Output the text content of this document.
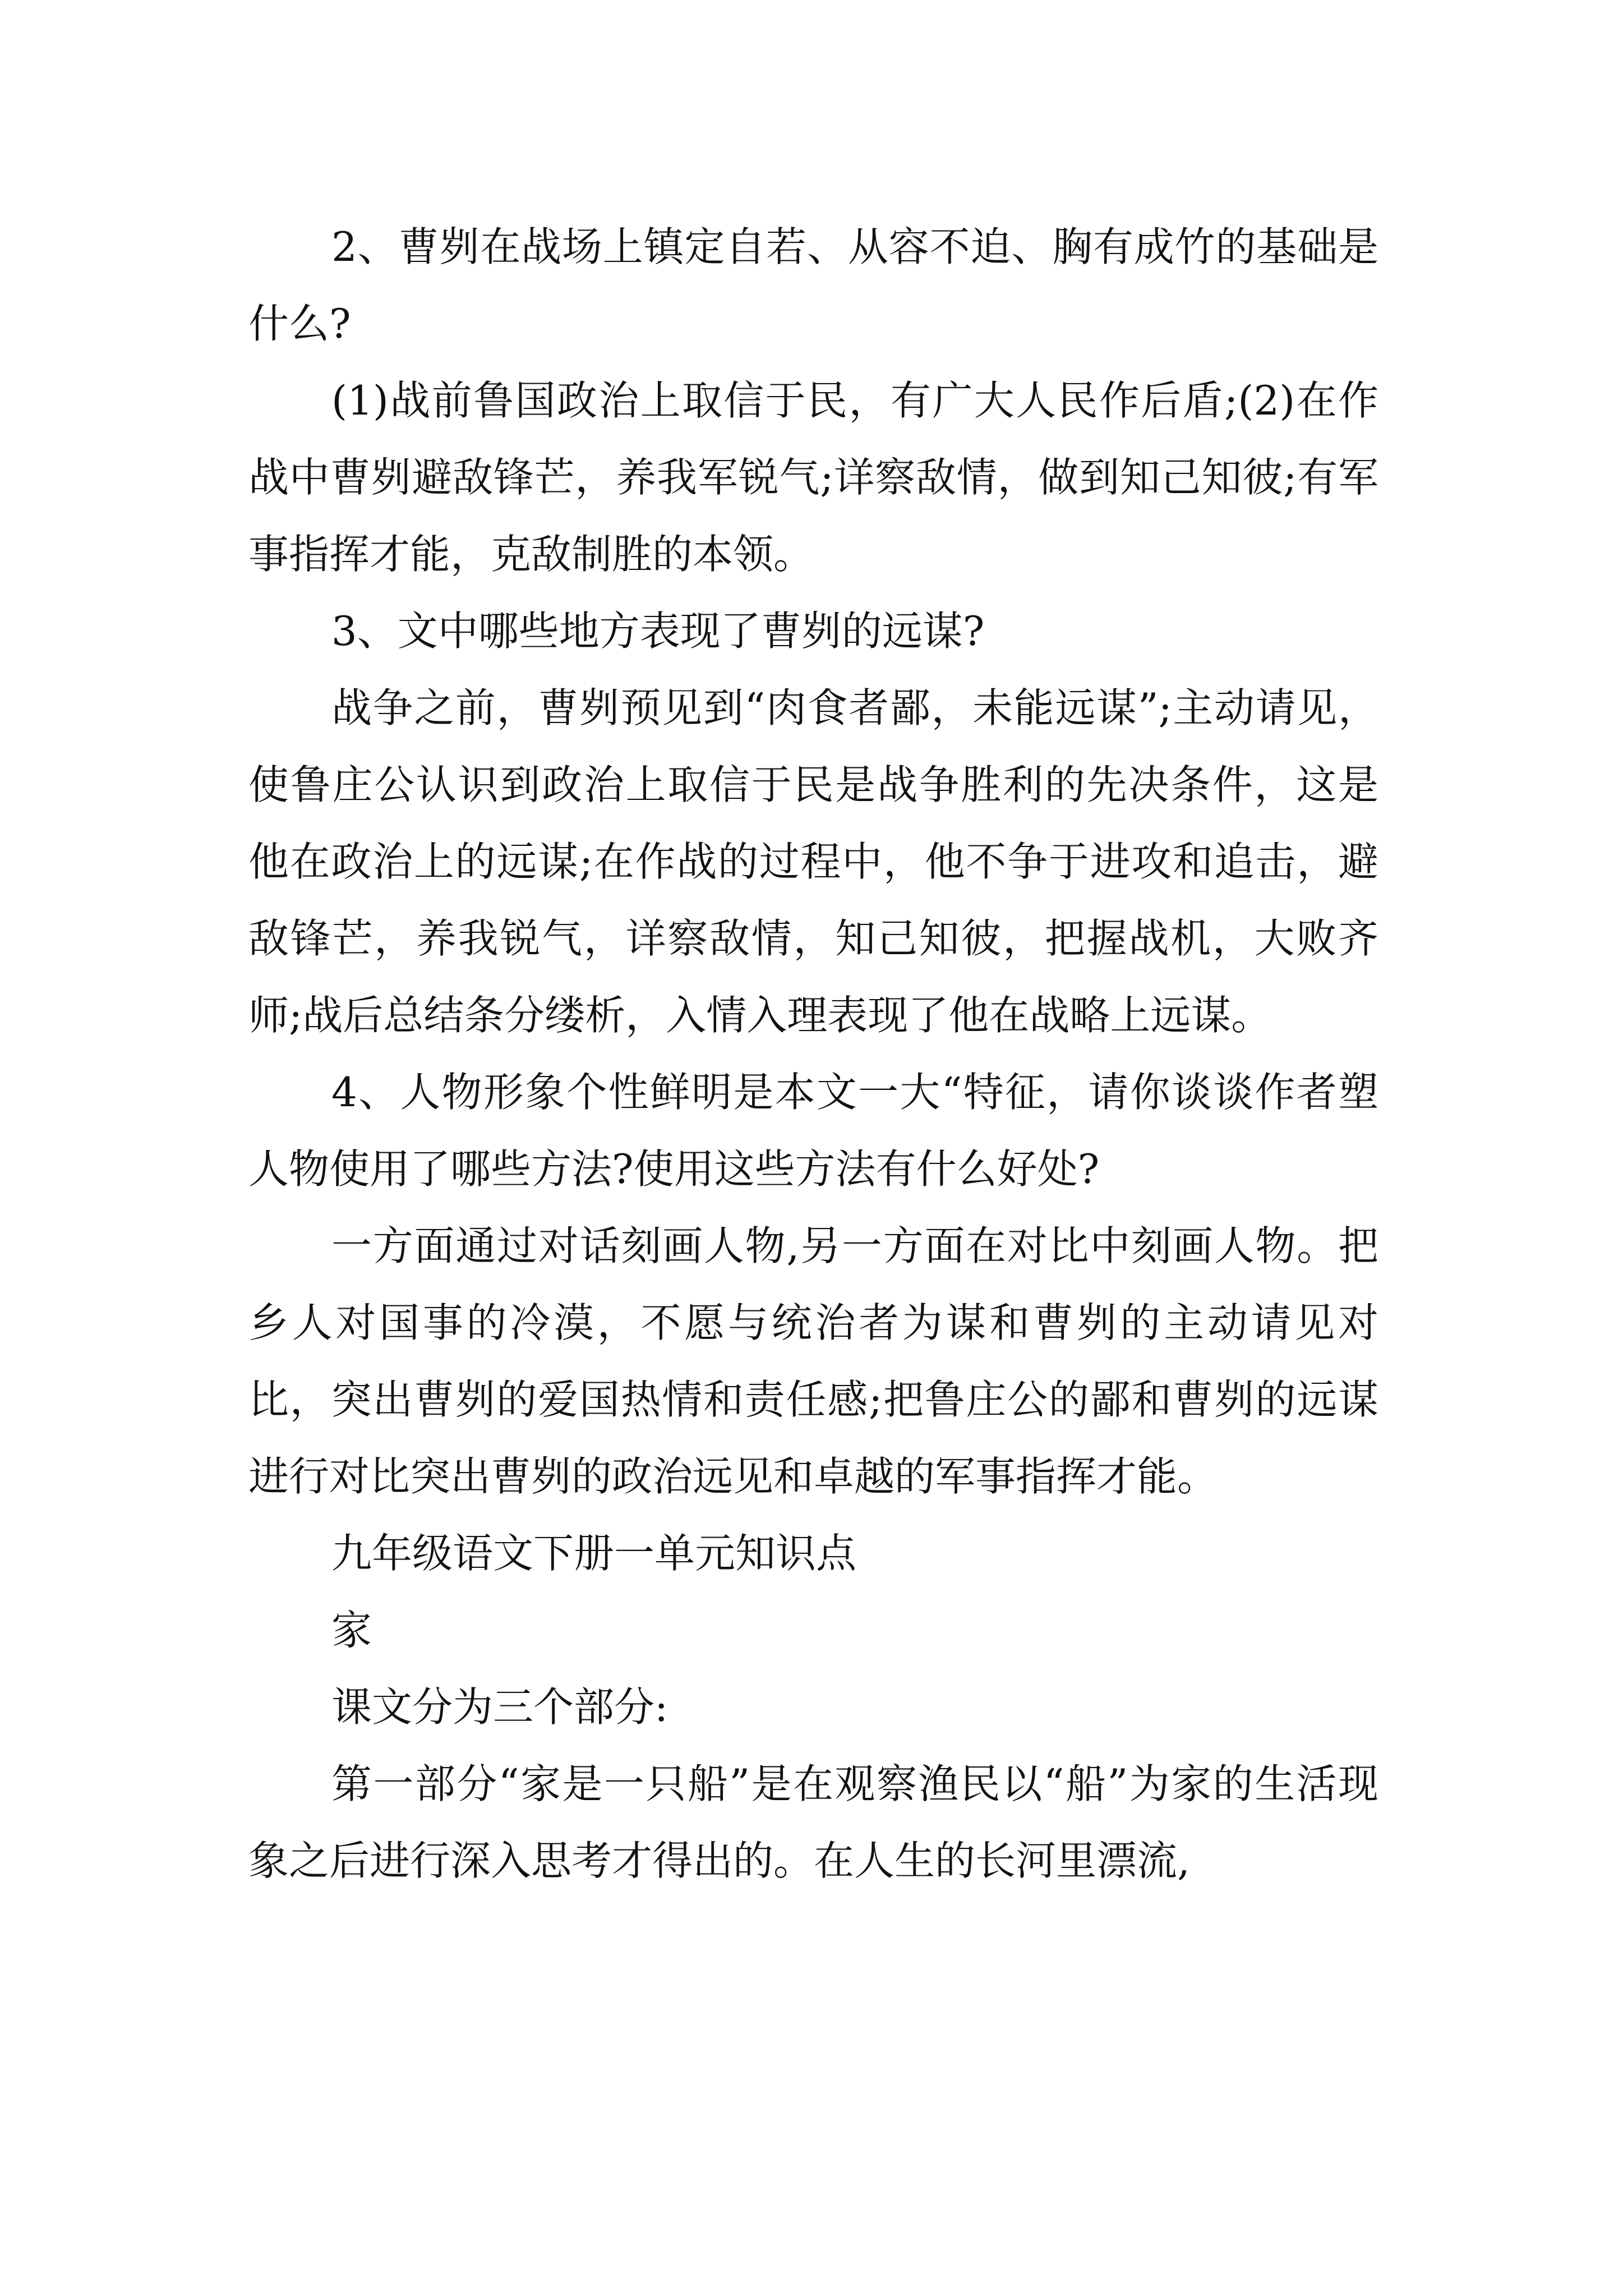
2、曹刿在战场上镇定自若、从容不迫、胸有成竹的基础是什么?

(1)战前鲁国政治上取信于民，有广大人民作后盾;(2)在作战中曹刿避敌锋芒，养我军锐气;详察敌情，做到知己知彼;有军事指挥才能，克敌制胜的本领。

3、文中哪些地方表现了曹刿的远谋?

战争之前，曹刿预见到“肉食者鄙，未能远谋”;主动请见，使鲁庄公认识到政治上取信于民是战争胜利的先决条件，这是他在政治上的远谋;在作战的过程中，他不争于进攻和追击，避敌锋芒，养我锐气，详察敌情，知己知彼，把握战机，大败齐师;战后总结条分缕析，入情入理表现了他在战略上远谋。

4、人物形象个性鲜明是本文一大“特征，请你谈谈作者塑人物使用了哪些方法?使用这些方法有什么好处?

一方面通过对话刻画人物,另一方面在对比中刻画人物。把乡人对国事的冷漠，不愿与统治者为谋和曹刿的主动请见对比，突出曹刿的爱国热情和责任感;把鲁庄公的鄙和曹刿的远谋进行对比突出曹刿的政治远见和卓越的军事指挥才能。

九年级语文下册一单元知识点

家

课文分为三个部分:

第一部分“家是一只船”是在观察渔民以“船”为家的生活现象之后进行深入思考才得出的。在人生的长河里漂流,
